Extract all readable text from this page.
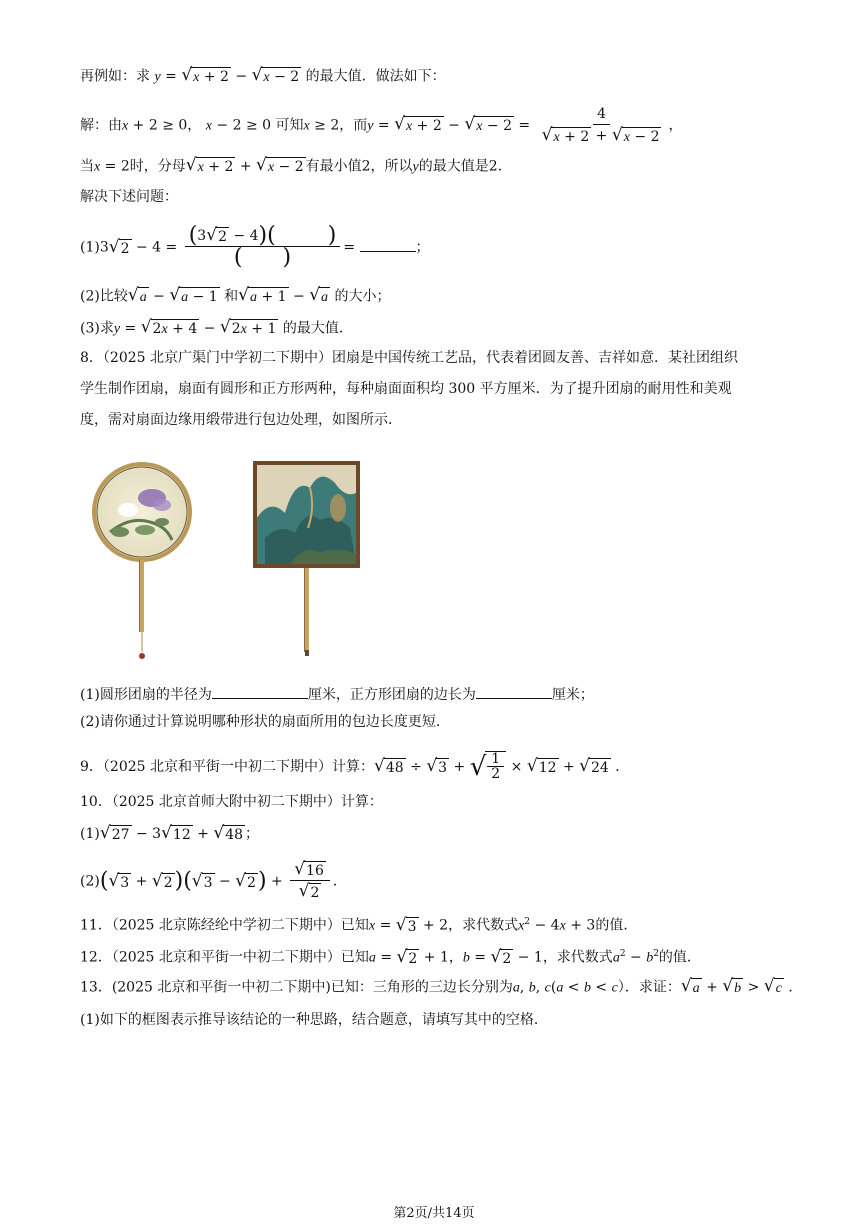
再例如：求 y = √ x + 2 − √ x − 2 的最大值．做法如下：
解：由x + 2 ≥ 0， x − 2 ≥ 0 可知x ≥ 2，而y = √ x + 2 − √ $x - 2 = \frac{4}{√ x + 2 + √ x - 2}$ ，
当x = 2时，分母 √ x + 2 + √ x − 2 有最小值2，所以y的最大值是2．
解决下述问题：
(1)3 √ $2 - 4 = \frac{(3 √ 2 - 4)( )}{( )}$ =	；
(2)比较 √ a − √ a − 1 和 √ a + 1 − √ a 的大小；
(3)求y = √ 2x + 4 − √ 2x + 1 的最大值．
8．（2025 北京广渠门中学初二下期中）团扇是中国传统工艺品，代表着团圆友善、吉祥如意．某社团组织
学生制作团扇，扇面有圆形和正方形两种，每种扇面面积均 300 平方厘米．为了提升团扇的耐用性和美观
度，需对扇面边缘用缎带进行包边处理，如图所示．
(1)圆形团扇的半径为	厘米，正方形团扇的边长为	厘米；
(2)请你通过计算说明哪种形状的扇面所用的包边长度更短．
9．（2025 北京和平街一中初二下期中）计算： √ 48 ÷ √ 3 + √ $\frac{1}{2}$ × √ 12 + √ 24 ．
10．（2025 北京首师大附中初二下期中）计算：
(1) √ 27 − 3 √ 12 + √ 48 ；
(2)( √ 3 + √ 2 )( √ 3 − √ 2 ) + $\frac{√ 16}{√ 2}$ ．
11．（2025 北京陈经纶中学初二下期中）已知x = √ 3 + 2，求代数式$x^2 - 4x + 3$的值．
12．（2025 北京和平街一中初二下期中）已知a = √ 2 + 1，b = √ 2 − 1，求代数式$a^2 - b^2$的值．
13．(2025 北京和平街一中初二下期中)已知：三角形的三边长分别为a, b, c(a < b < c）．求证： √ a + √ b > √ c ．
(1)如下的框图表示推导该结论的一种思路，结合题意，请填写其中的空格．
第2页/共14页
